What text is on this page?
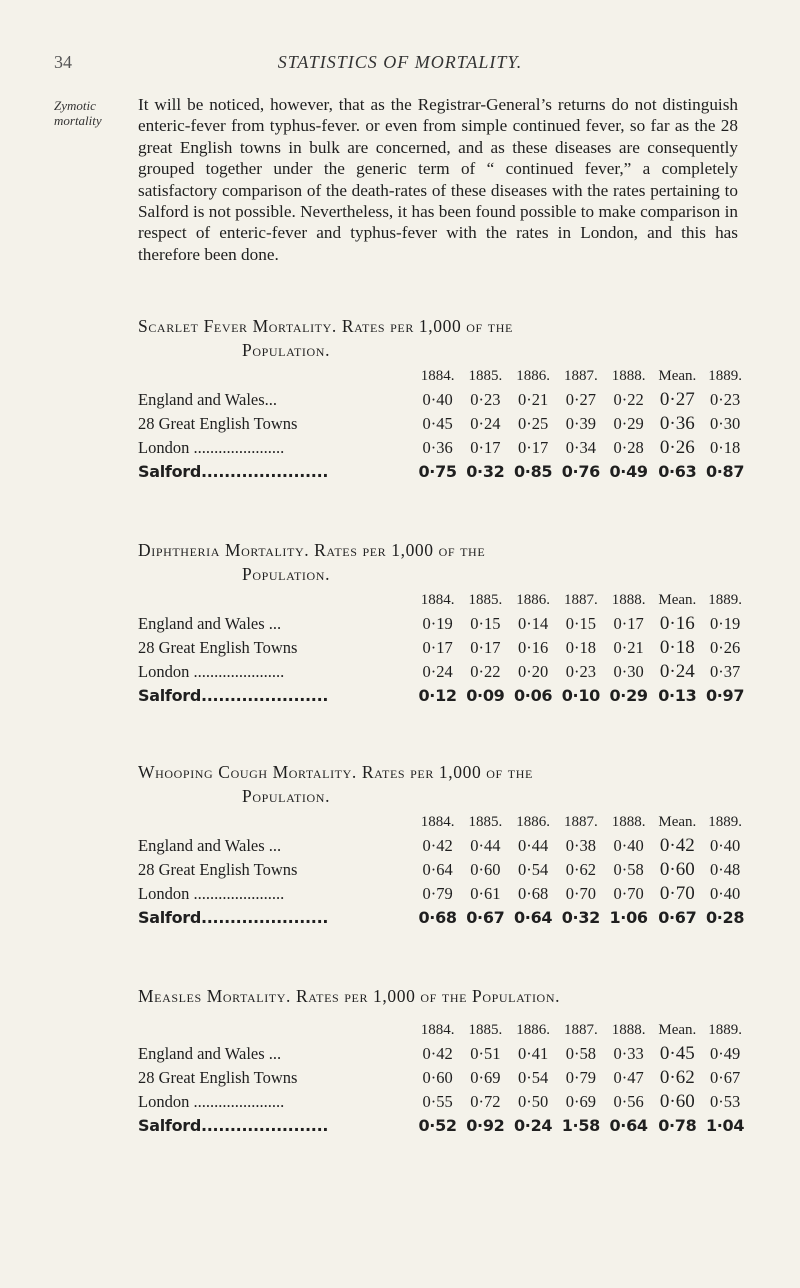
34	STATISTICS OF MORTALITY.
Zymotic mortality

It will be noticed, however, that as the Registrar-General’s returns do not distinguish enteric-fever from typhus-fever. or even from simple continued fever, so far as the 28 great English towns in bulk are concerned, and as these diseases are consequently grouped together under the generic term of “ continued fever,” a completely satisfactory comparison of the death-rates of these diseases with the rates pertaining to Salford is not possible. Nevertheless, it has been found possible to make comparison in respect of enteric-fever and typhus-fever with the rates in London, and this has therefore been done.

Scarlet Fever Mortality. Rates per 1,000 of the
Population.
	1884.	1885.	1886.	1887.	1888.	Mean.	1889.
England and Wales...	0·40	0·23	0·21	0·27	0·22	0·27	0·23
28 Great English Towns	0·45	0·24	0·25	0·39	0·29	0·36	0·30
London ......................	0·36	0·17	0·17	0·34	0·28	0·26	0·18
Salford......................	0·75	0·32	0·85	0·76	0·49	0·63	0·87
Diphtheria Mortality. Rates per 1,000 of the
Population.
	1884.	1885.	1886.	1887.	1888.	Mean.	1889.
England and Wales ...	0·19	0·15	0·14	0·15	0·17	0·16	0·19
28 Great English Towns	0·17	0·17	0·16	0·18	0·21	0·18	0·26
London ......................	0·24	0·22	0·20	0·23	0·30	0·24	0·37
Salford......................	0·12	0·09	0·06	0·10	0·29	0·13	0·97
Whooping Cough Mortality. Rates per 1,000 of the
Population.
	1884.	1885.	1886.	1887.	1888.	Mean.	1889.
England and Wales ...	0·42	0·44	0·44	0·38	0·40	0·42	0·40
28 Great English Towns	0·64	0·60	0·54	0·62	0·58	0·60	0·48
London ......................	0·79	0·61	0·68	0·70	0·70	0·70	0·40
Salford......................	0·68	0·67	0·64	0·32	1·06	0·67	0·28
Measles Mortality. Rates per 1,000 of the Population.
	1884.	1885.	1886.	1887.	1888.	Mean.	1889.
England and Wales ...	0·42	0·51	0·41	0·58	0·33	0·45	0·49
28 Great English Towns	0·60	0·69	0·54	0·79	0·47	0·62	0·67
London ......................	0·55	0·72	0·50	0·69	0·56	0·60	0·53
Salford......................	0·52	0·92	0·24	1·58	0·64	0·78	1·04
